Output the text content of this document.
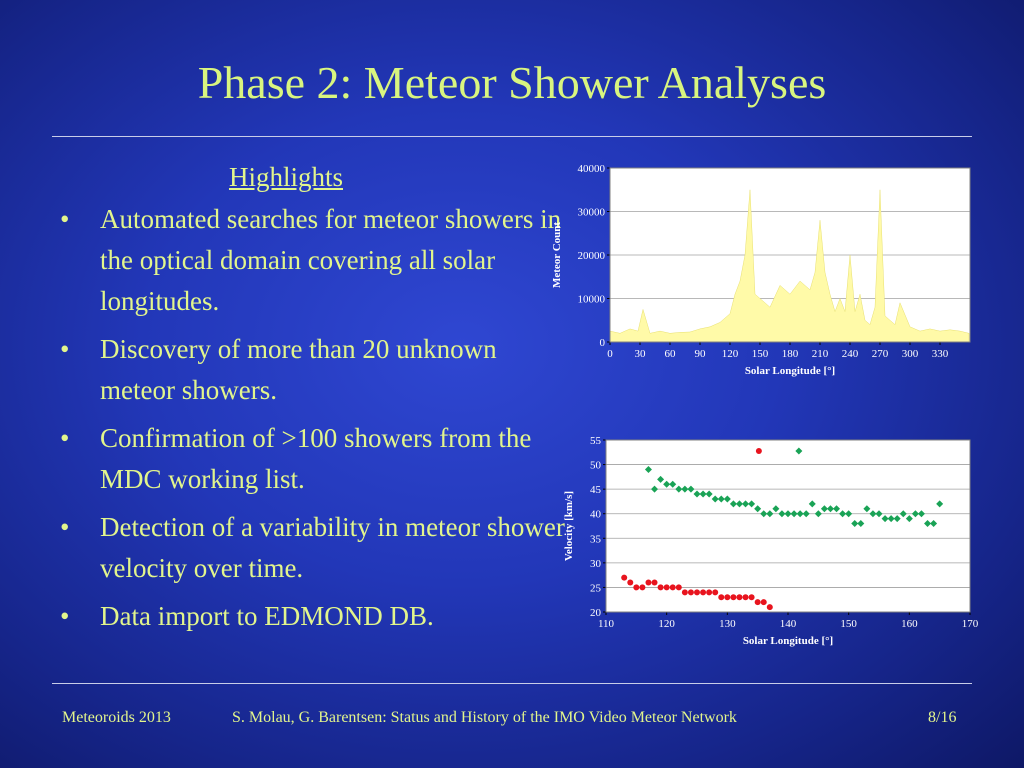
Phase 2: Meteor Shower Analyses
Highlights
• Automated searches for meteor showers in the optical domain covering all solar longitudes.
• Discovery of more than 20 unknown meteor showers.
• Confirmation of >100 showers from the MDC working list.
• Detection of a variability in meteor shower velocity over time.
• Data import to EDMOND DB.
0
10000
20000
30000
40000
0 30 60 90 120 150 180 210 240 270 300 330
Solar Longitude [°]
Meteor Count
20
25
30
35
40
45
50
55
110	120	130	140	150	160	170
Solar Longitude [°]
Velocity [km/s]
CAP SDA
Meteoroids 2013	S. Molau, G. Barentsen: Status and History of the IMO Video Meteor Network	8/16
